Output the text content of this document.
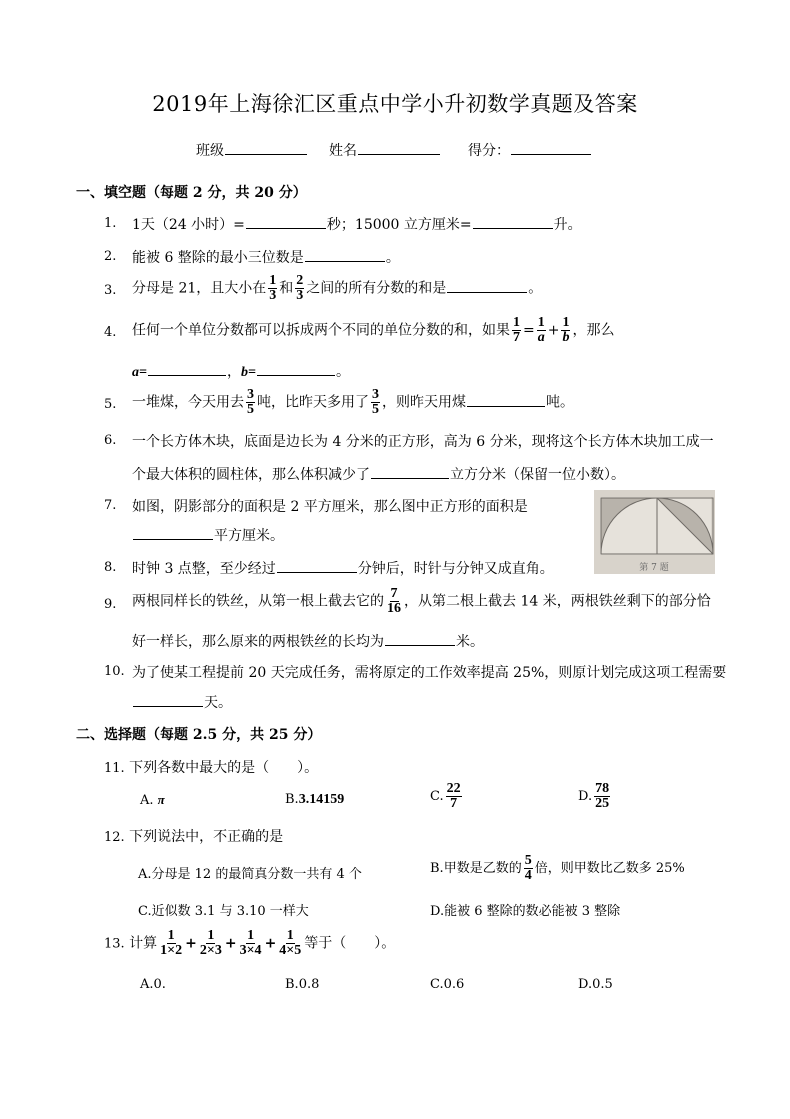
2019年上海徐汇区重点中学小升初数学真题及答案
班级	姓名	得分：
一、填空题（每题 2 分，共 20 分）
1. 1天（24 小时）=	秒；15000 立方厘米=	升。
2. 能被 6 整除的最小三位数是	。
3. 分母是 21，且大小在 $\frac{1}{3}$ 和 $\frac{2}{3}$ 之间的所有分数的和是	。
4. 任何一个单位分数都可以拆成两个不同的单位分数的和，如果 $\frac{1}{7} = \frac{1}{a} + \frac{1}{b}$ ，那么
a=	，b=	。
5. 一堆煤，今天用去 $\frac{3}{5}$ 吨，比昨天多用了 $\frac{3}{5}$ ，则昨天用煤	吨。
6. 一个长方体木块，底面是边长为 4 分米的正方形，高为 6 分米，现将这个长方体木块加工成一
个最大体积的圆柱体，那么体积减少了	立方分米（保留一位小数）。
7. 如图，阴影部分的面积是 2 平方厘米，那么图中正方形的面积是
平方厘米。
第 7 题
8. 时钟 3 点整，至少经过	分钟后，时针与分钟又成直角。
9. 两根同样长的铁丝，从第一根上截去它的 $\frac{7}{16}$ ，从第二根上截去 14 米，两根铁丝剩下的部分恰
好一样长，那么原来的两根铁丝的长均为	米。
10. 为了使某工程提前 20 天完成任务，需将原定的工作效率提高 25%，则原计划完成这项工程需要
天。
二、选择题（每题 2.5 分，共 25 分）
11. 下列各数中最大的是（　　）。
A. π	B.3.14159	C. $\frac{22}{7}$	D. $\frac{78}{25}$
12. 下列说法中，不正确的是
A.分母是 12 的最简真分数一共有 4 个	B.甲数是乙数的 $\frac{5}{4}$ 倍，则甲数比乙数多 25%
C.近似数 3.1 与 3.10 一样大	D.能被 6 整除的数必能被 3 整除
13. 计算 $\frac{1}{1\times 2} + \frac{1}{2\times 3} + \frac{1}{3\times 4} + \frac{1}{4\times 5}$ 等于（　　）。
A.0.	B.0.8	C.0.6	D.0.5
